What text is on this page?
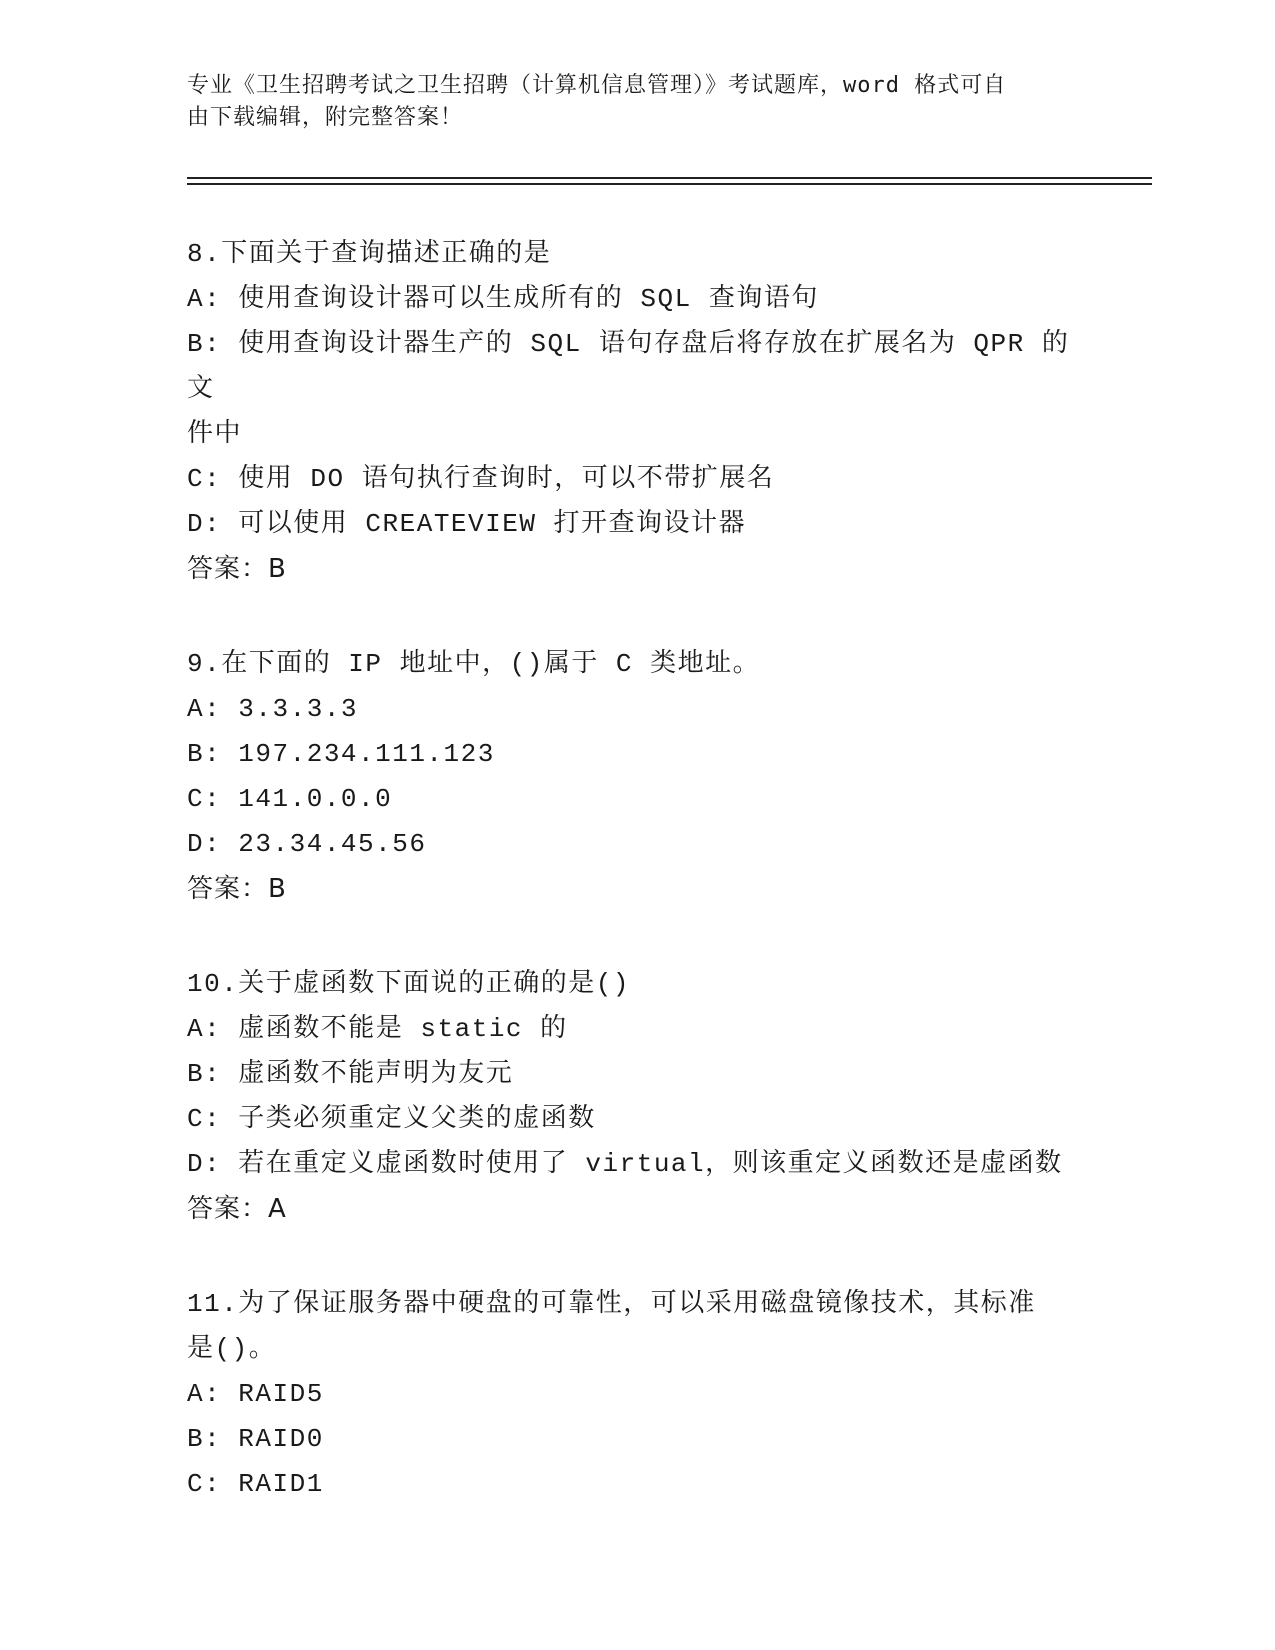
专业《卫生招聘考试之卫生招聘（计算机信息管理）》考试题库，word 格式可自
由下载编辑，附完整答案！
8.下面关于查询描述正确的是
A: 使用查询设计器可以生成所有的 SQL 查询语句
B: 使用查询设计器生产的 SQL 语句存盘后将存放在扩展名为 QPR 的文
件中
C: 使用 DO 语句执行查询时，可以不带扩展名
D: 可以使用 CREATEVIEW 打开查询设计器
答案：B
9.在下面的 IP 地址中，()属于 C 类地址。
A: 3.3.3.3
B: 197.234.111.123
C: 141.0.0.0
D: 23.34.45.56
答案：B
10.关于虚函数下面说的正确的是()
A: 虚函数不能是 static 的
B: 虚函数不能声明为友元
C: 子类必须重定义父类的虚函数
D: 若在重定义虚函数时使用了 virtual，则该重定义函数还是虚函数
答案：A
11.为了保证服务器中硬盘的可靠性，可以采用磁盘镜像技术，其标准
是()。
A: RAID5
B: RAID0
C: RAID1
